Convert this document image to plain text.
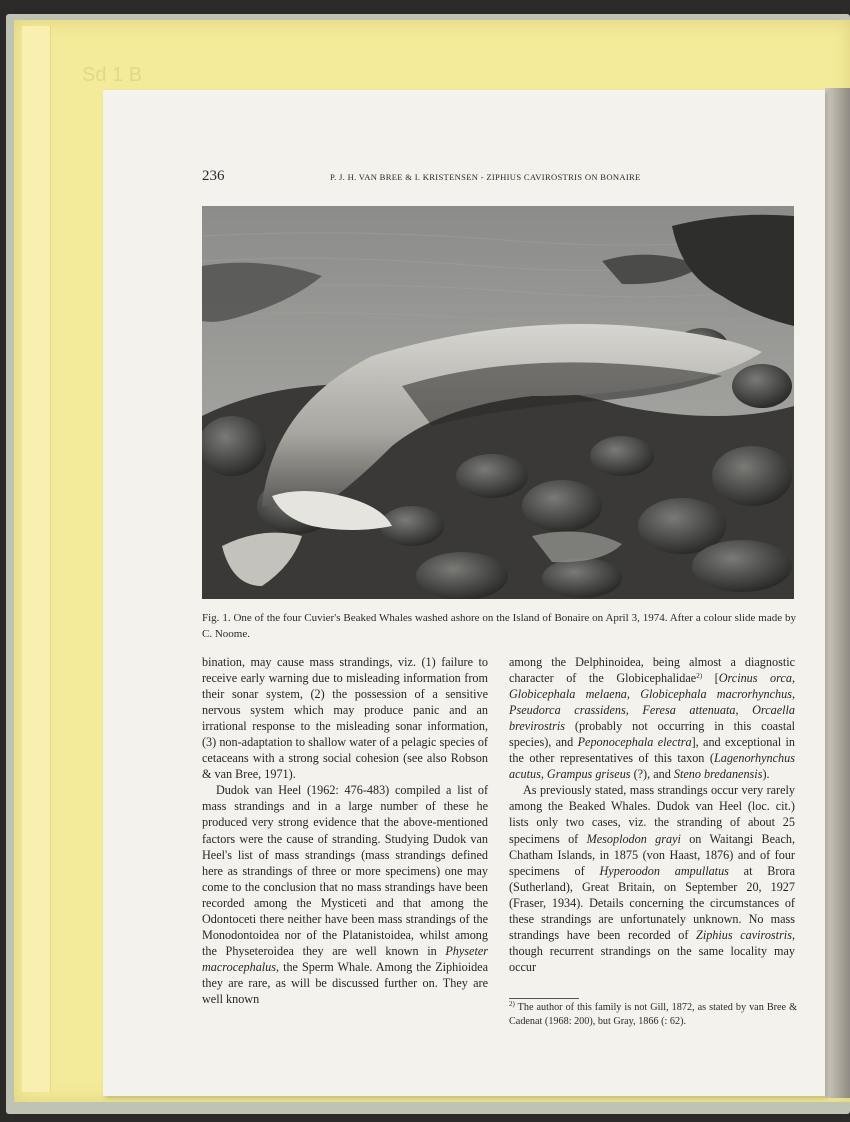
Sd 1 B
236	P. J. H. VAN BREE & I. KRISTENSEN - ZIPHIUS CAVIROSTRIS ON BONAIRE
Fig. 1. One of the four Cuvier's Beaked Whales washed ashore on the Island of Bonaire on April 3, 1974. After a colour slide made by C. Noome.

bination, may cause mass strandings, viz. (1) failure to receive early warning due to misleading information from their sonar system, (2) the possession of a sensitive nervous system which may produce panic and an irrational response to the misleading sonar information, (3) non-adaptation to shallow water of a pelagic species of cetaceans with a strong social cohesion (see also Robson & van Bree, 1971).

Dudok van Heel (1962: 476-483) compiled a list of mass strandings and in a large number of these he produced very strong evidence that the above-mentioned factors were the cause of stranding. Studying Dudok van Heel's list of mass strandings (mass strandings defined here as strandings of three or more specimens) one may come to the conclusion that no mass strandings have been recorded among the Mysticeti and that among the Odontoceti there neither have been mass strandings of the Monodontoidea nor of the Platanistoidea, whilst among the Physeteroidea they are well known in Physeter macrocephalus, the Sperm Whale. Among the Ziphioidea they are rare, as will be discussed further on. They are well known

among the Delphinoidea, being almost a diagnostic character of the Globicephalidae$^{2)}$ [Orcinus orca, Globicephala melaena, Globicephala macrorhynchus, Pseudorca crassidens, Feresa attenuata, Orcaella brevirostris (probably not occurring in this coastal species), and Peponocephala electra], and exceptional in the other representatives of this taxon (Lagenorhynchus acutus, Grampus griseus (?), and Steno bredanensis).

As previously stated, mass strandings occur very rarely among the Beaked Whales. Dudok van Heel (loc. cit.) lists only two cases, viz. the stranding of about 25 specimens of Mesoplodon grayi on Waitangi Beach, Chatham Islands, in 1875 (von Haast, 1876) and of four specimens of Hyperoodon ampullatus at Brora (Sutherland), Great Britain, on September 20, 1927 (Fraser, 1934). Details concerning the circumstances of these strandings are unfortunately unknown. No mass strandings have been recorded of Ziphius cavirostris, though recurrent strandings on the same locality may occur

$^{2)}$ The author of this family is not Gill, 1872, as stated by van Bree & Cadenat (1968: 200), but Gray, 1866 (: 62).
